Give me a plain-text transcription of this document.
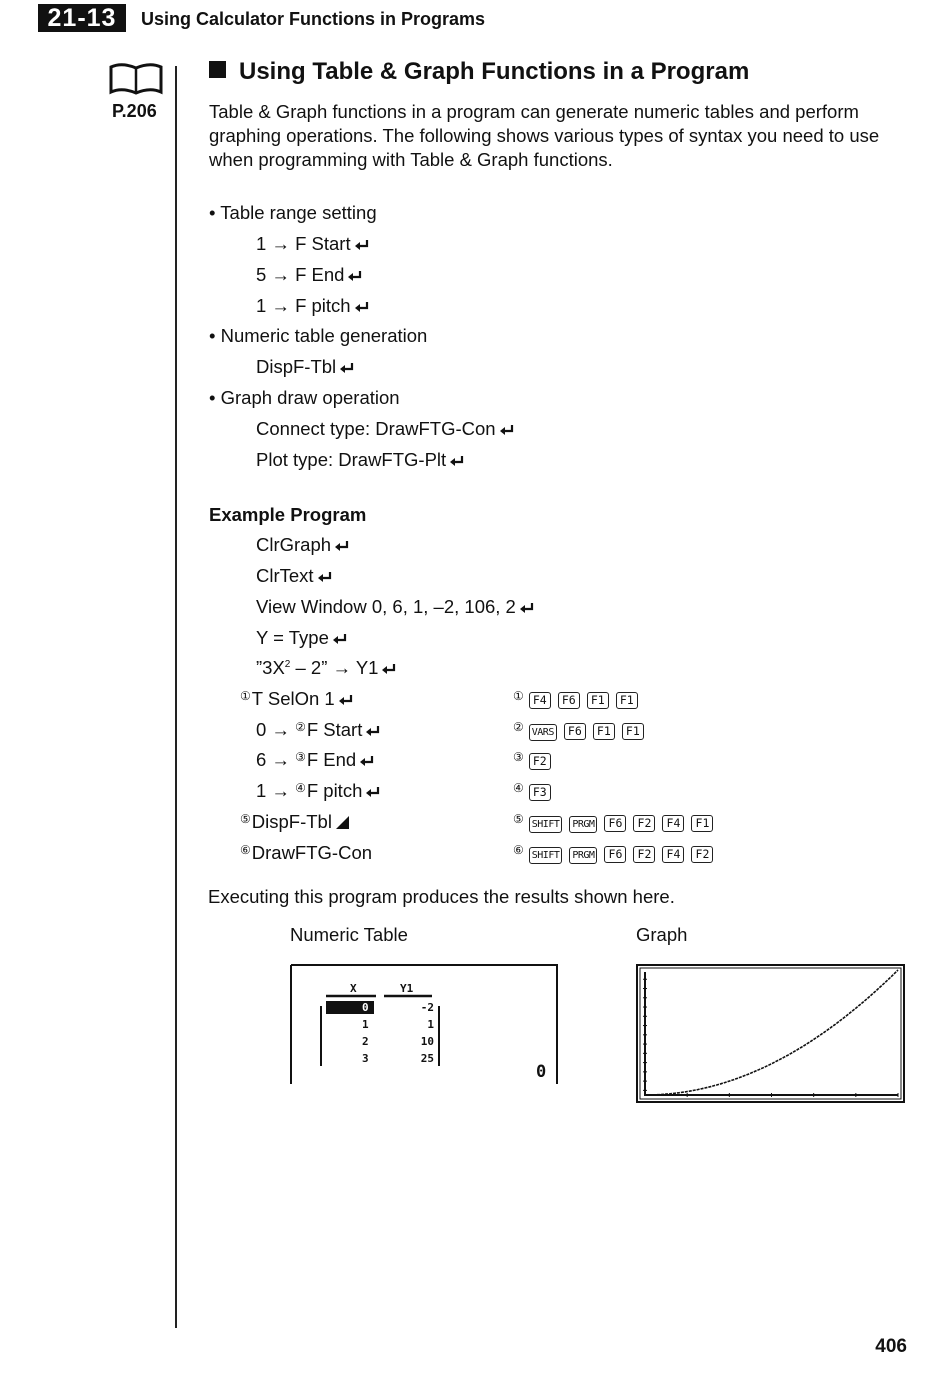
21-13	Using Calculator Functions in Programs
P.206
Using Table & Graph Functions in a Program
Table & Graph functions in a program can generate numeric tables and perform graphing operations. The following shows various types of syntax you need to use when programming with Table & Graph functions.
• Table range setting
1 → F Start
5 → F End
1 → F pitch
• Numeric table generation
DispF-Tbl
• Graph draw operation
Connect type: DrawFTG-Con
Plot type: DrawFTG-Plt
Example Program
ClrGraph
ClrText
View Window 0, 6, 1, –2, 106, 2
Y = Type
$”3X^2 - 2$” → Y1
①T SelOn 1
0 → ②F Start
6 → ③F End
1 → ④F pitch
⑤DispF-Tbl
⑥DrawFTG-Con
① F4 F6 F1 F1
② VARS F6 F1 F1
③ F2
④ F3
⑤ SHIFT PRGM F6 F2 F4 F1
⑥ SHIFT PRGM F6 F2 F4 F2
Executing this program produces the results shown here.
Numeric Table	Graph
X	Y1
0	-2
1	1
2	10
3	25
0
406
